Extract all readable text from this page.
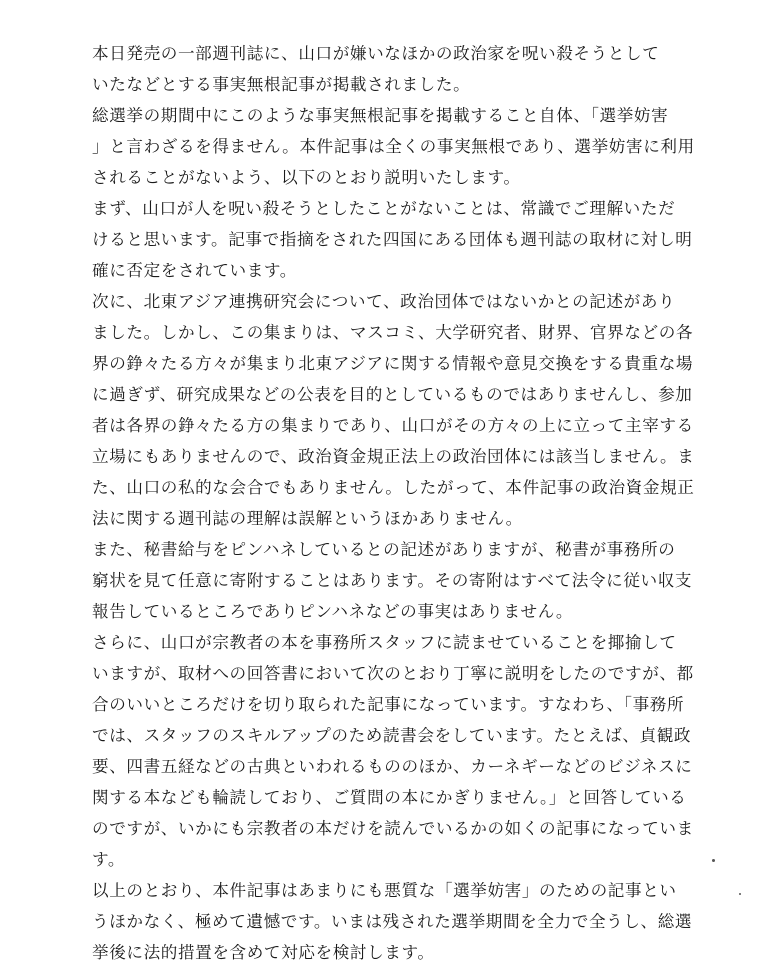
本日発売の一部週刊誌に、山口が嫌いなほかの政治家を呪い殺そうとして
いたなどとする事実無根記事が掲載されました。
総選挙の期間中にこのような事実無根記事を掲載すること自体、「選挙妨害
」と言わざるを得ません。本件記事は全くの事実無根であり、選挙妨害に利用
されることがないよう、以下のとおり説明いたします。
まず、山口が人を呪い殺そうとしたことがないことは、常識でご理解いただ
けると思います。記事で指摘をされた四国にある団体も週刊誌の取材に対し明
確に否定をされています。
次に、北東アジア連携研究会について、政治団体ではないかとの記述があり
ました。しかし、この集まりは、マスコミ、大学研究者、財界、官界などの各
界の錚々たる方々が集まり北東アジアに関する情報や意見交換をする貴重な場
に過ぎず、研究成果などの公表を目的としているものではありませんし、参加
者は各界の錚々たる方の集まりであり、山口がその方々の上に立って主宰する
立場にもありませんので、政治資金規正法上の政治団体には該当しません。ま
た、山口の私的な会合でもありません。したがって、本件記事の政治資金規正
法に関する週刊誌の理解は誤解というほかありません。
また、秘書給与をピンハネしているとの記述がありますが、秘書が事務所の
窮状を見て任意に寄附することはあります。その寄附はすべて法令に従い収支
報告しているところでありピンハネなどの事実はありません。
さらに、山口が宗教者の本を事務所スタッフに読ませていることを揶揄して
いますが、取材への回答書において次のとおり丁寧に説明をしたのですが、都
合のいいところだけを切り取られた記事になっています。すなわち、「事務所
では、スタッフのスキルアップのため読書会をしています。たとえば、貞観政
要、四書五経などの古典といわれるもののほか、カーネギーなどのビジネスに
関する本なども輪読しており、ご質問の本にかぎりません。」と回答している
のですが、いかにも宗教者の本だけを読んでいるかの如くの記事になっていま
す。
以上のとおり、本件記事はあまりにも悪質な「選挙妨害」のための記事とい
うほかなく、極めて遺憾です。いまは残された選挙期間を全力で全うし、総選
挙後に法的措置を含めて対応を検討します。
